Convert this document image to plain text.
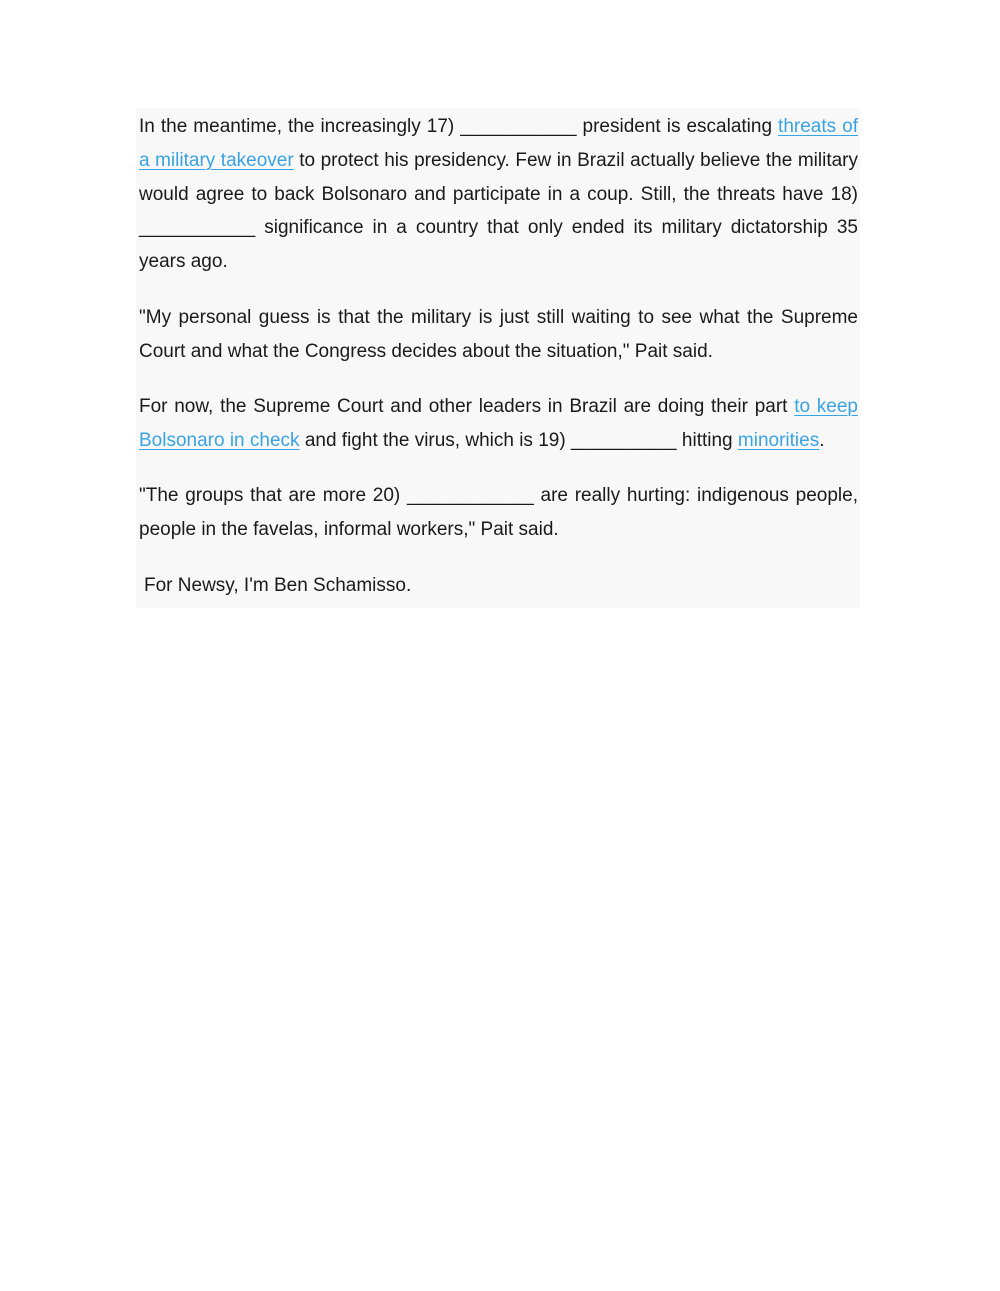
In the meantime, the increasingly 17) ___________ president is escalating threats of a military takeover to protect his presidency. Few in Brazil actually believe the military would agree to back Bolsonaro and participate in a coup. Still, the threats have 18) ___________ significance in a country that only ended its military dictatorship 35 years ago.

"My personal guess is that the military is just still waiting to see what the Supreme Court and what the Congress decides about the situation," Pait said.

For now, the Supreme Court and other leaders in Brazil are doing their part to keep Bolsonaro in check and fight the virus, which is 19) __________ hitting minorities.

"The groups that are more 20) ____________ are really hurting: indigenous people, people in the favelas, informal workers," Pait said.

For Newsy, I'm Ben Schamisso.
